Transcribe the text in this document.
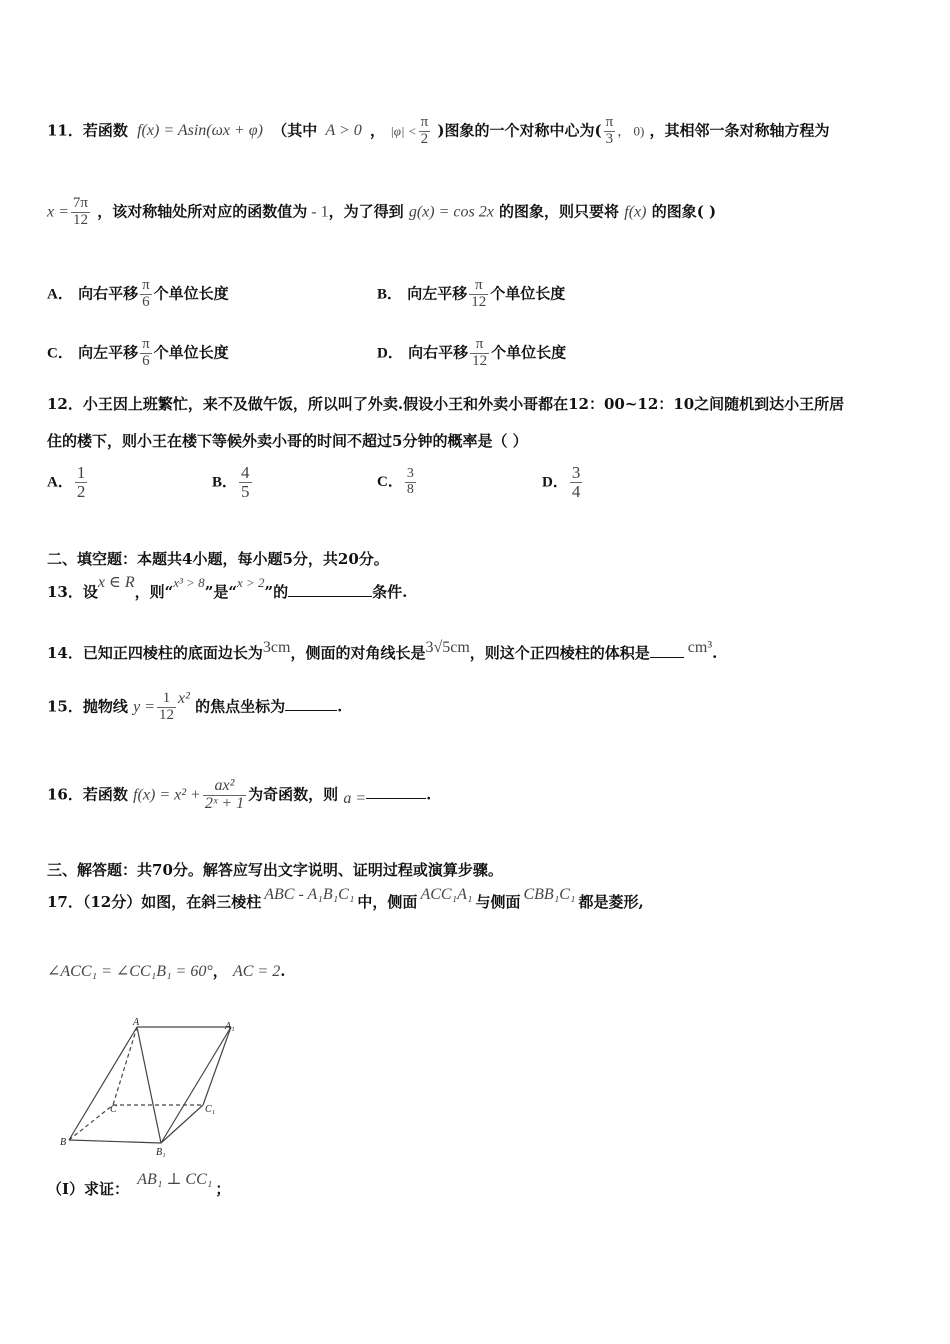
11．若函数 f(x) = Asin(ωx + φ) （其中 A > 0 ， $|\varphi| < \frac{\pi}{2}$ )图象的一个对称中心为( $\frac{\pi}{3}$ ， 0) ，其相邻一条对称轴方程为
$x = \frac{7\pi}{12}$ ，该对称轴处所对应的函数值为 - 1，为了得到 g(x) = cos 2x 的图象，则只要将 f(x) 的图象( )
A． 向右平移 $\frac{\pi}{6}$ 个单位长度	B． 向左平移 $\frac{\pi}{12}$ 个单位长度
C． 向左平移 $\frac{\pi}{6}$ 个单位长度	D． 向右平移 $\frac{\pi}{12}$ 个单位长度
12．小王因上班繁忙，来不及做午饭，所以叫了外卖.假设小王和外卖小哥都在12：00~12：10之间随机到达小王所居
住的楼下，则小王在楼下等候外卖小哥的时间不超过5分钟的概率是（ ）
A． $\frac{1}{2}$	B． $\frac{4}{5}$	C． $\frac{3}{8}$	D． $\frac{3}{4}$
二、填空题：本题共4小题，每小题5分，共20分。
13．设x ∈ R，则“x³ > 8”是“x > 2”的	条件.
14．已知正四棱柱的底面边长为3cm，侧面的对角线长是3√5cm，则这个正四棱柱的体积是 cm³.
15．抛物线 $y = \frac{1}{12} x^2$ 的焦点坐标为	.
16．若函数 $f(x) = x^2 + \frac{\text{ax²}}{\text{2ˣ + 1}}$ 为奇函数，则 a =	.
三、解答题：共70分。解答应写出文字说明、证明过程或演算步骤。
17．（12分）如图，在斜三棱柱 ABC - A₁B₁C₁ 中，侧面 ACC₁A₁ 与侧面 CBB₁C₁ 都是菱形,
∠ACC₁ = ∠CC₁B₁ = 60°， AC = 2.
A	A₁
C	C₁
B
B₁
（Ⅰ）求证： AB₁ ⊥ CC₁；
